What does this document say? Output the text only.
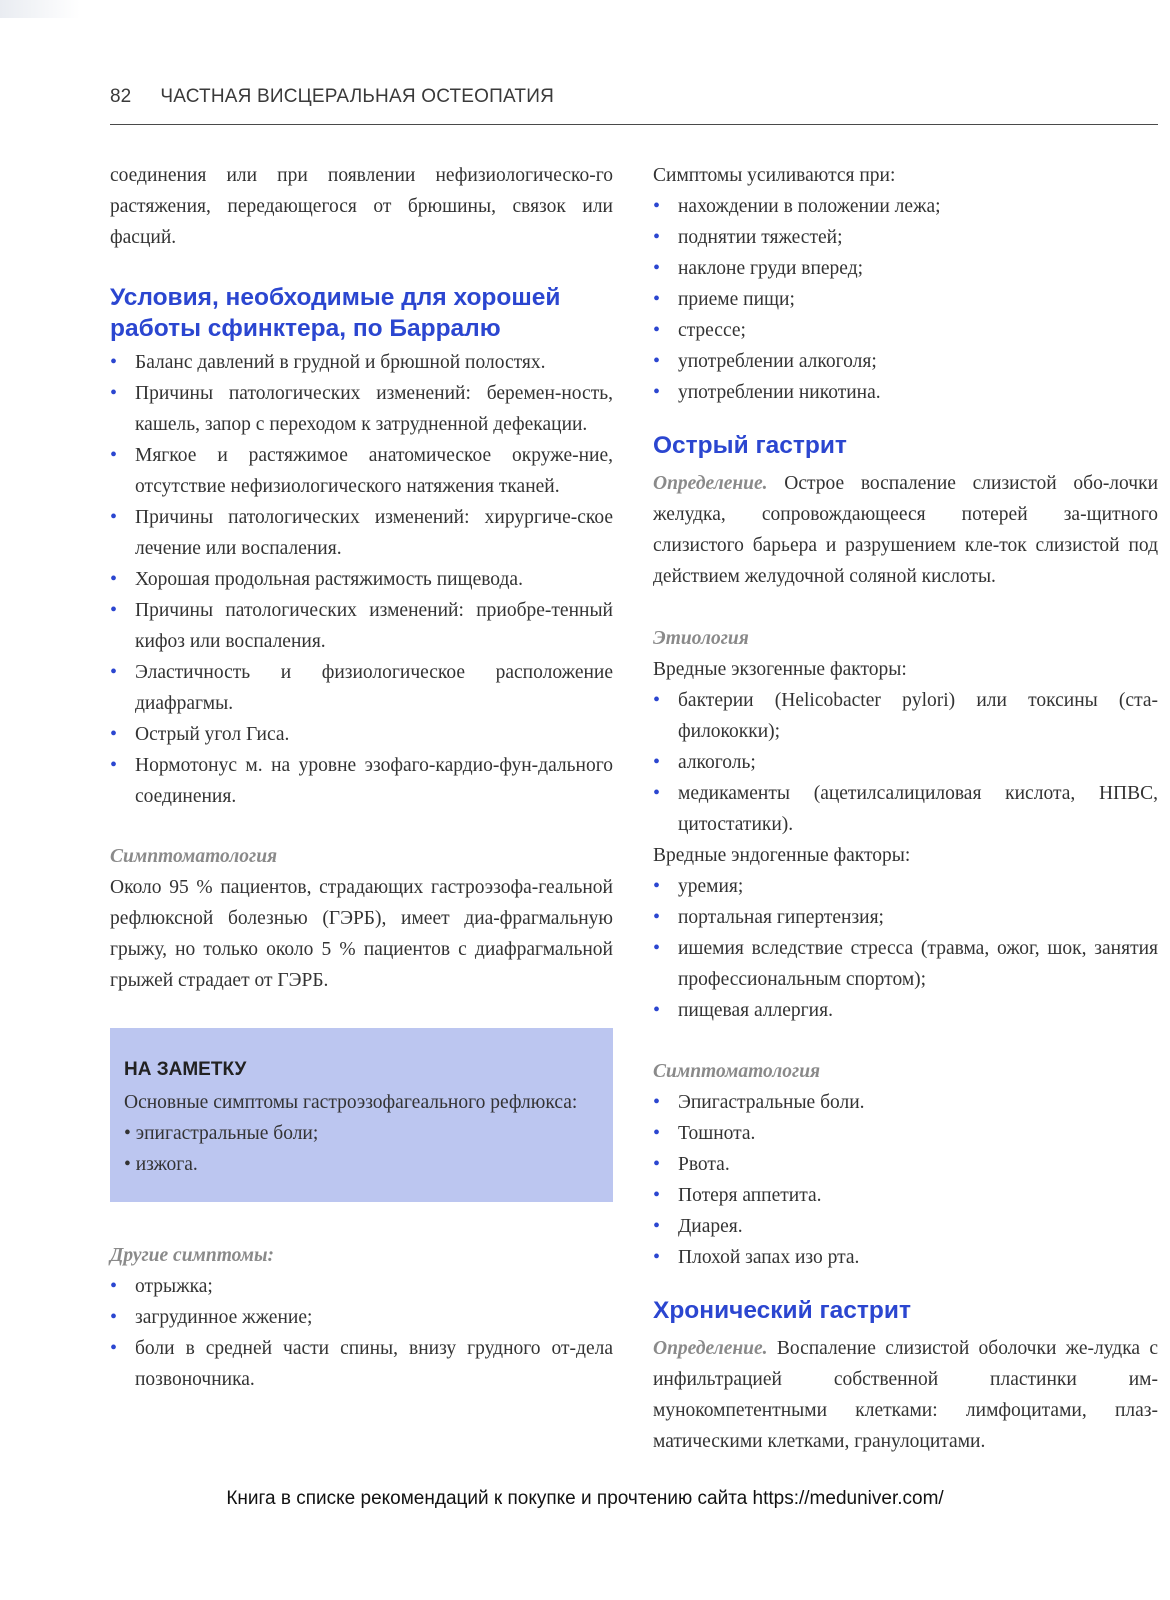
82 ЧАСТНАЯ ВИСЦЕРАЛЬНАЯ ОСТЕОПАТИЯ

соединения или при появлении нефизиологическо-го растяжения, передающегося от брюшины, связок или фасций.

Условия, необходимые для хорошей работы сфинктера, по Барралю
• Баланс давлений в грудной и брюшной полостях.
• Причины патологических изменений: беремен-ность, кашель, запор с переходом к затрудненной дефекации.
• Мягкое и растяжимое анатомическое окруже-ние, отсутствие нефизиологического натяжения тканей.
• Причины патологических изменений: хирургиче-ское лечение или воспаления.
• Хорошая продольная растяжимость пищевода.
• Причины патологических изменений: приобре-тенный кифоз или воспаления.
• Эластичность и физиологическое расположение диафрагмы.
• Острый угол Гиса.
• Нормотонус м. на уровне эзофаго-кардио-фун-дального соединения.
Симптоматология

Около 95 % пациентов, страдающих гастроэзофа-геальной рефлюксной болезнью (ГЭРБ), имеет диа-фрагмальную грыжу, но только около 5 % пациентов с диафрагмальной грыжей страдает от ГЭРБ.

НА ЗАМЕТКУ

Основные симптомы гастроэзофагеального рефлюкса:

• эпигастральные боли;
• изжога.
Другие симптомы:
• отрыжка;
• загрудинное жжение;
• боли в средней части спины, внизу грудного от-дела позвоночника.

Симптомы усиливаются при:

• нахождении в положении лежа;
• поднятии тяжестей;
• наклоне груди вперед;
• приеме пищи;
• стрессе;
• употреблении алкоголя;
• употреблении никотина.
Острый гастрит

Определение. Острое воспаление слизистой обо-лочки желудка, сопровождающееся потерей за-щитного слизистого барьера и разрушением кле-ток слизистой под действием желудочной соляной кислоты.

Этиология

Вредные экзогенные факторы:

• бактерии (Helicobacter pylori) или токсины (ста-филококки);
• алкоголь;
• медикаменты (ацетилсалициловая кислота, НПВС, цитостатики).

Вредные эндогенные факторы:

• уремия;
• портальная гипертензия;
• ишемия вследствие стресса (травма, ожог, шок, занятия профессиональным спортом);
• пищевая аллергия.
Симптоматология
• Эпигастральные боли.
• Тошнота.
• Рвота.
• Потеря аппетита.
• Диарея.
• Плохой запах изо рта.
Хронический гастрит

Определение. Воспаление слизистой оболочки же-лудка с инфильтрацией собственной пластинки им-мунокомпетентными клетками: лимфоцитами, плаз-матическими клетками, гранулоцитами.

Книга в списке рекомендаций к покупке и прочтению сайта https://meduniver.com/
